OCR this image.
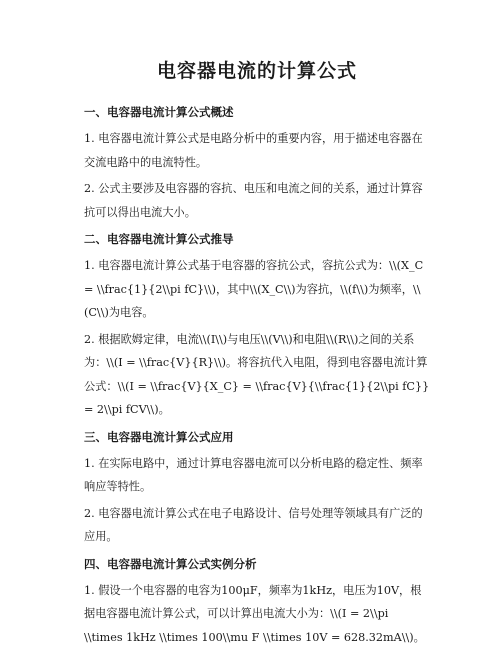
电容器电流的计算公式
一、电容器电流计算公式概述

1. 电容器电流计算公式是电路分析中的重要内容，用于描述电容器在交流电路中的电流特性。

2. 公式主要涉及电容器的容抗、电压和电流之间的关系，通过计算容抗可以得出电流大小。

二、电容器电流计算公式推导

1. 电容器电流计算公式基于电容器的容抗公式，容抗公式为：\\(X_C = \\frac{1}{2\\pi fC}\\)，其中\\(X_C\\)为容抗，\\(f\\)为频率，\\(C\\)为电容。

2. 根据欧姆定律，电流\\(I\\)与电压\\(V\\)和电阻\\(R\\)之间的关系为：\\(I = \\frac{V}{R}\\)。将容抗代入电阻，得到电容器电流计算公式：\\(I = \\frac{V}{X_C} = \\frac{V}{\\frac{1}{2\\pi fC}} = 2\\pi fCV\\)。

三、电容器电流计算公式应用

1. 在实际电路中，通过计算电容器电流可以分析电路的稳定性、频率响应等特性。

2. 电容器电流计算公式在电子电路设计、信号处理等领域具有广泛的应用。

四、电容器电流计算公式实例分析

1. 假设一个电容器的电容为100μF，频率为1kHz，电压为10V，根据电容器电流计算公式，可以计算出电流大小为：\\(I = 2\\pi \\times 1kHz \\times 100\\mu F \\times 10V = 628.32mA\\)。
